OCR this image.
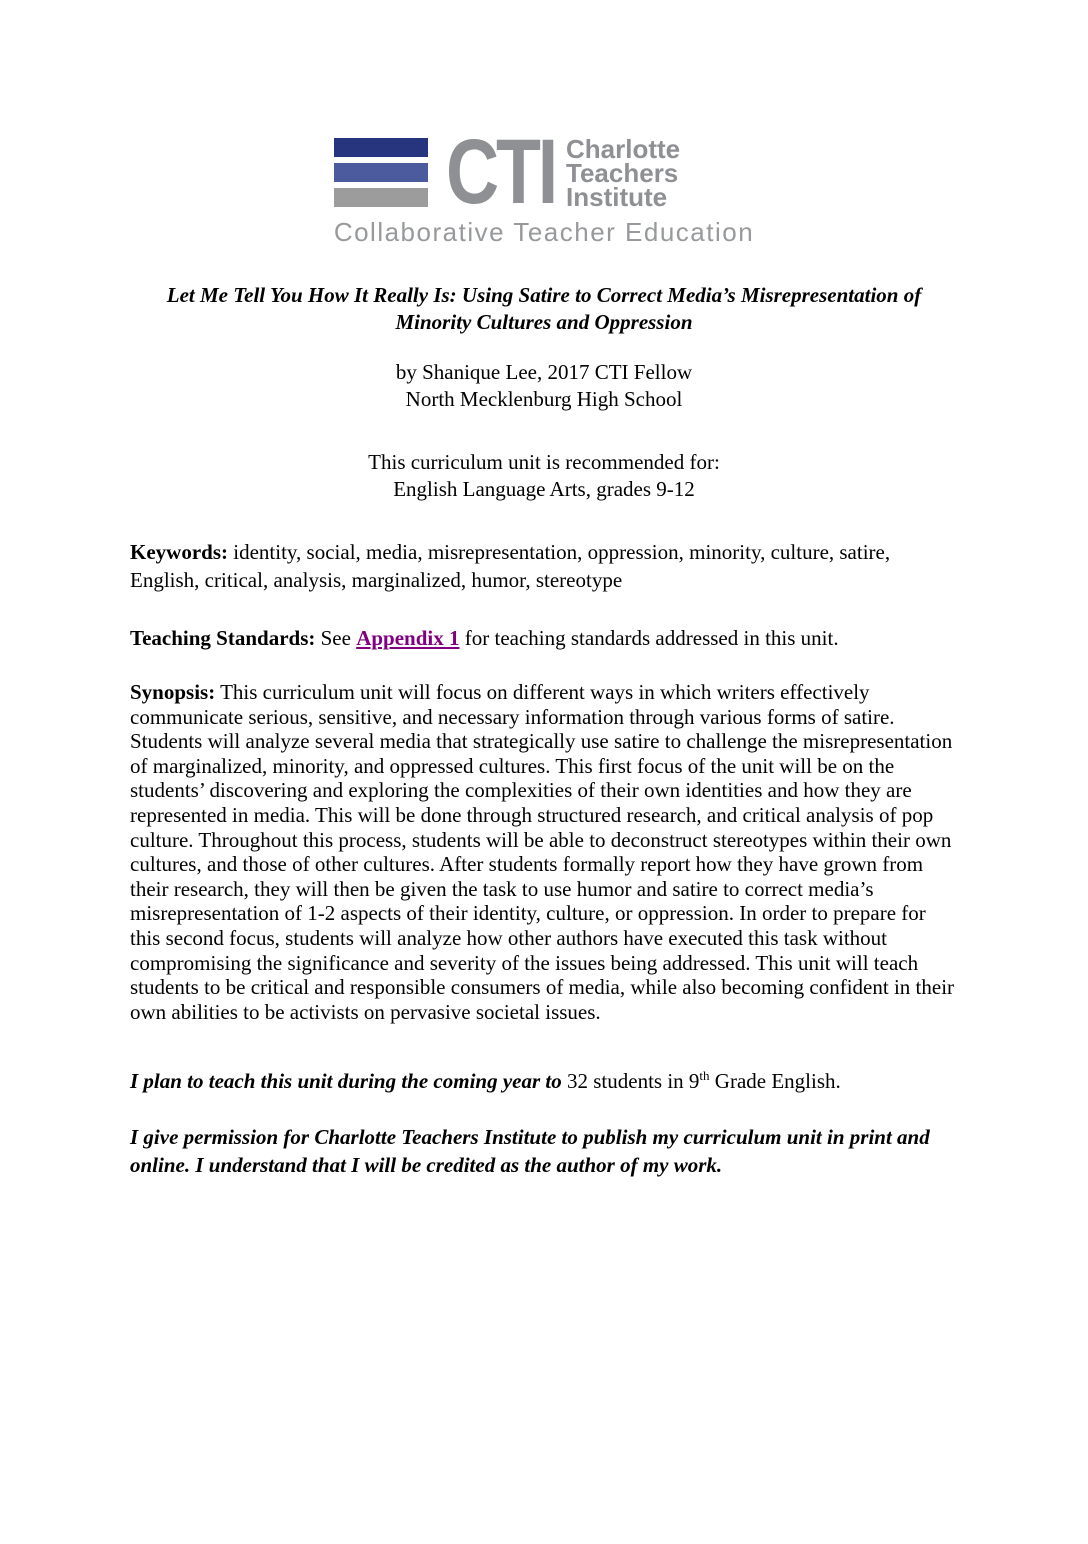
CTI Charlotte
Teachers
Institute
Collaborative Teacher Education
Let Me Tell You How It Really Is: Using Satire to Correct Media’s Misrepresentation of
Minority Cultures and Oppression
by Shanique Lee, 2017 CTI Fellow
North Mecklenburg High School
This curriculum unit is recommended for:
English Language Arts, grades 9-12

Keywords: identity, social, media, misrepresentation, oppression, minority, culture, satire, English, critical, analysis, marginalized, humor, stereotype

Teaching Standards: See Appendix 1 for teaching standards addressed in this unit.

Synopsis: This curriculum unit will focus on different ways in which writers effectively communicate serious, sensitive, and necessary information through various forms of satire. Students will analyze several media that strategically use satire to challenge the misrepresentation of marginalized, minority, and oppressed cultures. This first focus of the unit will be on the students’ discovering and exploring the complexities of their own identities and how they are represented in media. This will be done through structured research, and critical analysis of pop culture. Throughout this process, students will be able to deconstruct stereotypes within their own cultures, and those of other cultures. After students formally report how they have grown from their research, they will then be given the task to use humor and satire to correct media’s misrepresentation of 1-2 aspects of their identity, culture, or oppression. In order to prepare for this second focus, students will analyze how other authors have executed this task without compromising the significance and severity of the issues being addressed. This unit will teach students to be critical and responsible consumers of media, while also becoming confident in their own abilities to be activists on pervasive societal issues.

I plan to teach this unit during the coming year to 32 students in 9th Grade English.

I give permission for Charlotte Teachers Institute to publish my curriculum unit in print and online. I understand that I will be credited as the author of my work.
